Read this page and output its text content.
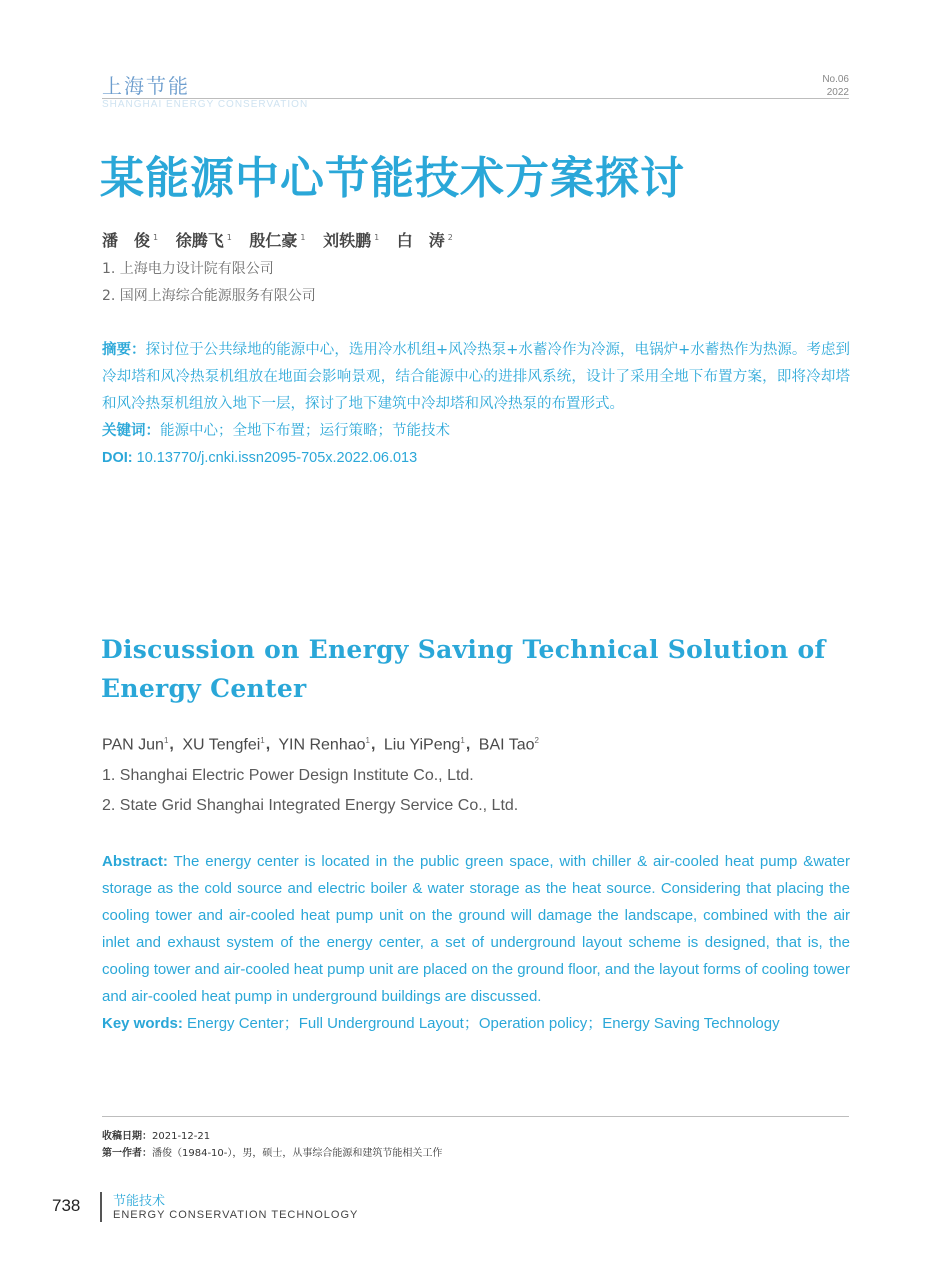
上海节能
SHANGHAI ENERGY CONSERVATION
No.06
2022
某能源中心节能技术方案探讨
潘　俊 $^1$ 徐腾飞 $^1$ 殷仁豪 $^1$ 刘轶鹏 $^1$ 白　涛 $^2$
1. 上海电力设计院有限公司
2. 国网上海综合能源服务有限公司
摘要：探讨位于公共绿地的能源中心，选用冷水机组+风冷热泵+水蓄冷作为冷源，电锅炉+水蓄热作为热源。考虑到冷却塔和风冷热泵机组放在地面会影响景观，结合能源中心的进排风系统，设计了采用全地下布置方案，即将冷却塔和风冷热泵机组放入地下一层，探讨了地下建筑中冷却塔和风冷热泵的布置形式。
关键词：能源中心；全地下布置；运行策略；节能技术
DOI: 10.13770/j.cnki.issn2095-705x.2022.06.013
Discussion on Energy Saving Technical Solution of Energy Center
PAN Jun$^1$, XU Tengfei$^1$, YIN Renhao$^1$, Liu YiPeng$^1$, BAI Tao$^2$
1. Shanghai Electric Power Design Institute Co., Ltd.
2. State Grid Shanghai Integrated Energy Service Co., Ltd.
Abstract: The energy center is located in the public green space, with chiller & air-cooled heat pump &water storage as the cold source and electric boiler & water storage as the heat source. Considering that placing the cooling tower and air-cooled heat pump unit on the ground will damage the landscape, combined with the air inlet and exhaust system of the energy center, a set of underground layout scheme is designed, that is, the cooling tower and air-cooled heat pump unit are placed on the ground floor, and the layout forms of cooling tower and air-cooled heat pump in underground buildings are discussed.
Key words: Energy Center；Full Underground Layout；Operation policy；Energy Saving Technology
收稿日期：2021-12-21
第一作者：潘俊（1984-10-），男，硕士，从事综合能源和建筑节能相关工作
738	节能技术
ENERGY CONSERVATION TECHNOLOGY
